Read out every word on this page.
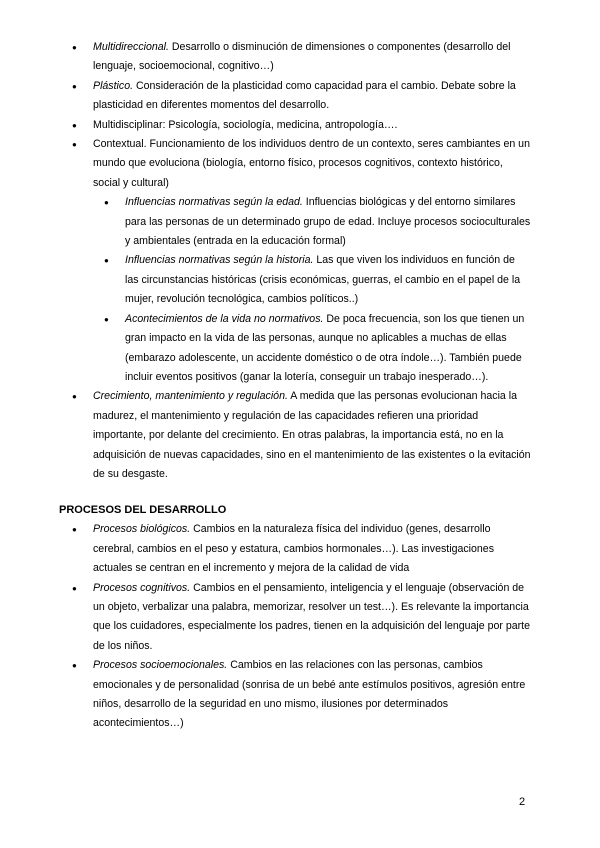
● Multidireccional. Desarrollo o disminución de dimensiones o componentes (desarrollo del lenguaje, socioemocional, cognitivo…)
● Plástico. Consideración de la plasticidad como capacidad para el cambio. Debate sobre la plasticidad en diferentes momentos del desarrollo.
● Multidisciplinar: Psicología, sociología, medicina, antropología….
● Contextual. Funcionamiento de los individuos dentro de un contexto, seres cambiantes en un mundo que evoluciona (biología, entorno físico, procesos cognitivos, contexto histórico, social y cultural)
● Influencias normativas según la edad. Influencias biológicas y del entorno similares para las personas de un determinado grupo de edad. Incluye procesos socioculturales y ambientales (entrada en la educación formal)
● Influencias normativas según la historia. Las que viven los individuos en función de las circunstancias históricas (crisis económicas, guerras, el cambio en el papel de la mujer, revolución tecnológica, cambios políticos..)
● Acontecimientos de la vida no normativos. De poca frecuencia, son los que tienen un gran impacto en la vida de las personas, aunque no aplicables a muchas de ellas (embarazo adolescente, un accidente doméstico o de otra índole…). También puede incluir eventos positivos (ganar la lotería, conseguir un trabajo inesperado…).
● Crecimiento, mantenimiento y regulación. A medida que las personas evolucionan hacia la madurez, el mantenimiento y regulación de las capacidades refieren una prioridad importante, por delante del crecimiento. En otras palabras, la importancia está, no en la adquisición de nuevas capacidades, sino en el mantenimiento de las existentes o la evitación de su desgaste.
PROCESOS DEL DESARROLLO
● Procesos biológicos. Cambios en la naturaleza física del individuo (genes, desarrollo cerebral, cambios en el peso y estatura, cambios hormonales…). Las investigaciones actuales se centran en el incremento y mejora de la calidad de vida
● Procesos cognitivos. Cambios en el pensamiento, inteligencia y el lenguaje (observación de un objeto, verbalizar una palabra, memorizar, resolver un test…). Es relevante la importancia que los cuidadores, especialmente los padres, tienen en la adquisición del lenguaje por parte de los niños.
● Procesos socioemocionales. Cambios en las relaciones con las personas, cambios emocionales y de personalidad (sonrisa de un bebé ante estímulos positivos, agresión entre niños, desarrollo de la seguridad en uno mismo, ilusiones por determinados acontecimientos…)
2
